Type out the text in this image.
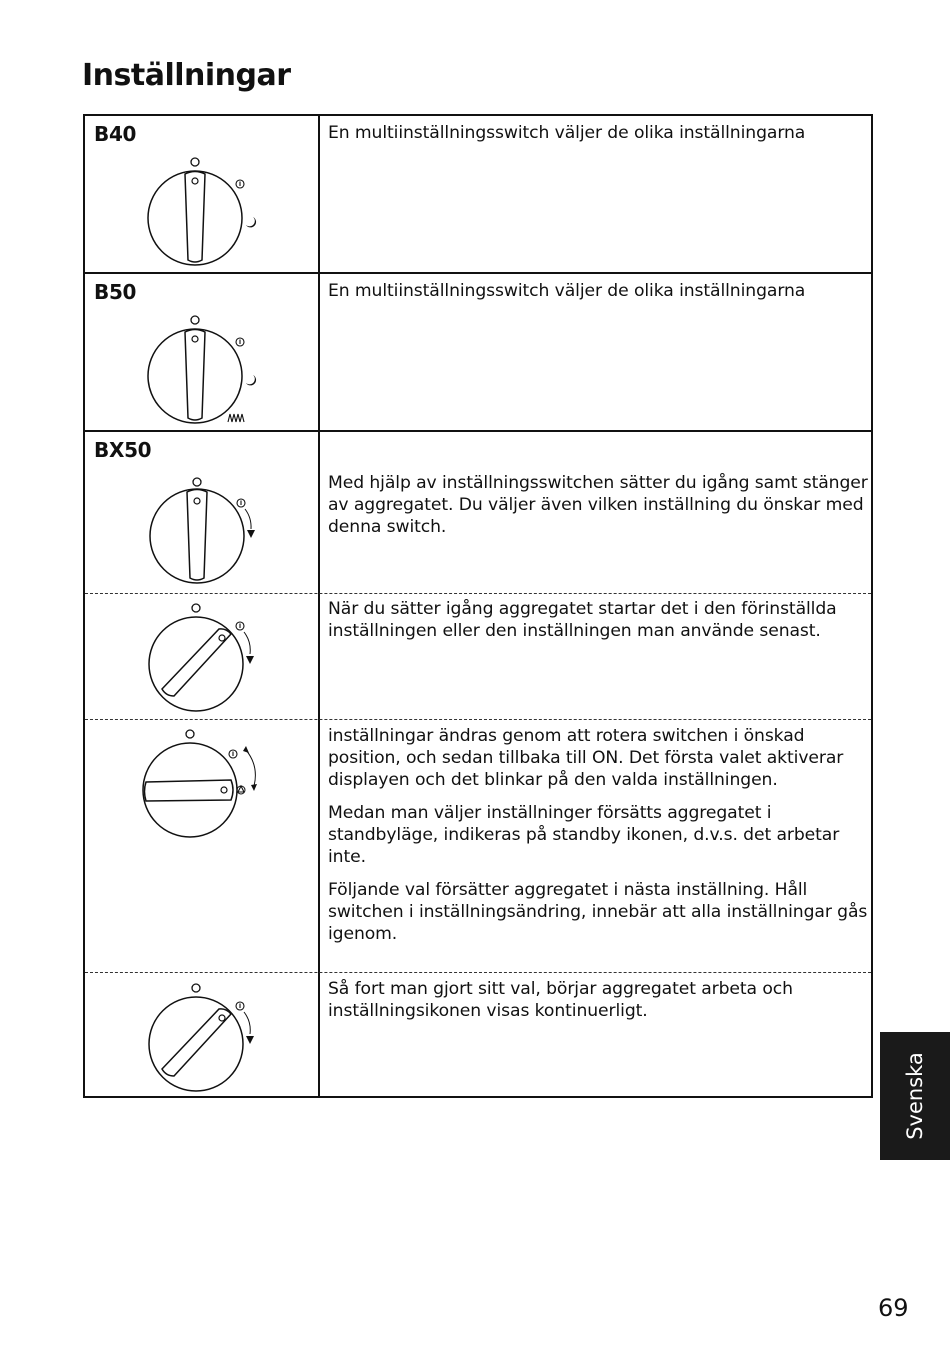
Inställningar
B40	En multiinställningsswitch väljer de olika inställningarna
B50	En multiinställningsswitch väljer de olika inställningarna
BX50
Med hjälp av inställningsswitchen sätter du igång samt stänger av aggregatet. Du väljer även vilken inställning du önskar med denna switch.
När du sätter igång aggregatet startar det i den förinställda inställningen eller den inställningen man använde senast.

inställningar ändras genom att rotera switchen i önskad position, och sedan tillbaka till ON. Det första valet aktiverar displayen och det blinkar på den valda inställningen.

Medan man väljer inställninger försätts aggregatet i standbyläge, indikeras på standby ikonen, d.v.s. det arbetar inte.

Följande val försätter aggregatet i nästa inställning. Håll switchen i inställningsändring, innebär att alla inställningar gås igenom.

Så fort man gjort sitt val, börjar aggregatet arbeta och inställningsikonen visas kontinuerligt.
Svenska
69
